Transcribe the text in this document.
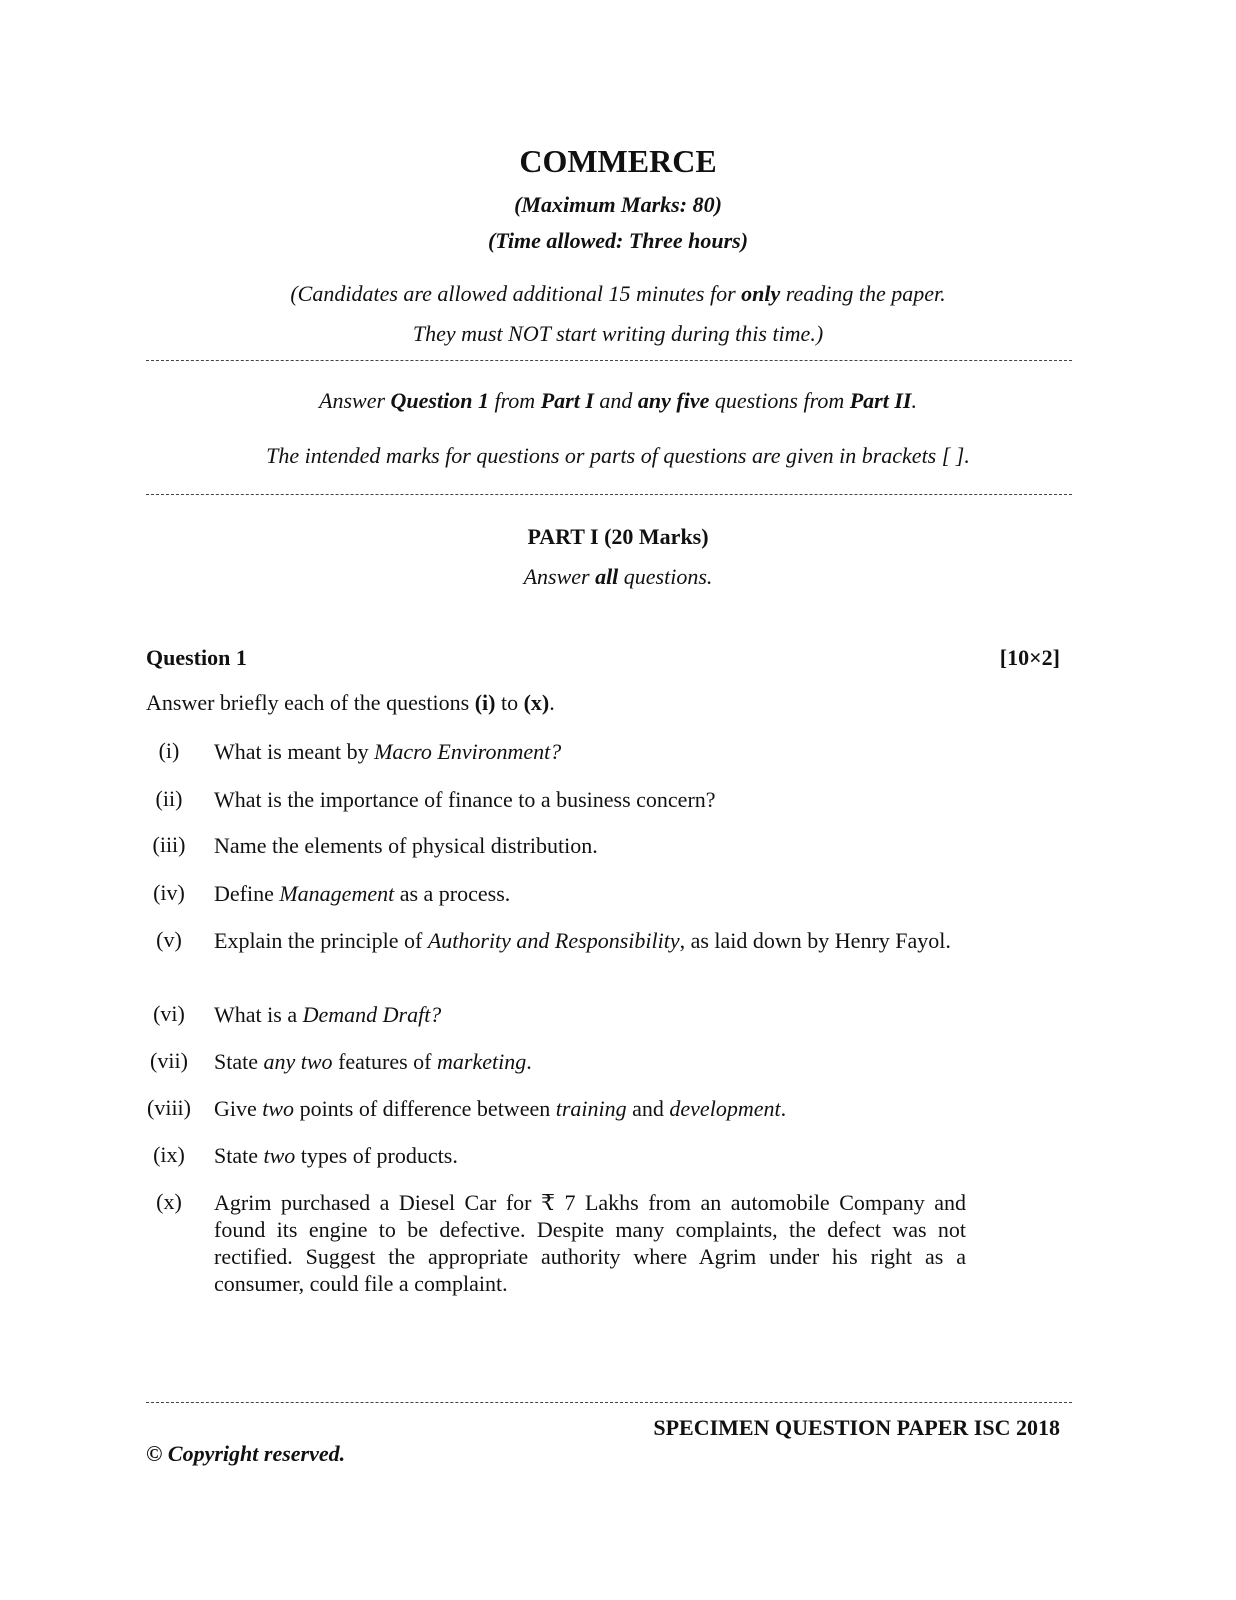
COMMERCE
(Maximum Marks: 80)
(Time allowed: Three hours)
(Candidates are allowed additional 15 minutes for only reading the paper.
They must NOT start writing during this time.)
Answer Question 1 from Part I and any five questions from Part II.
The intended marks for questions or parts of questions are given in brackets [ ].
PART I (20 Marks)
Answer all questions.
Question 1	[10×2]
Answer briefly each of the questions (i) to (x).
(i)	What is meant by Macro Environment?
(ii)	What is the importance of finance to a business concern?
(iii)	Name the elements of physical distribution.
(iv)	Define Management as a process.
(v)	Explain the principle of Authority and Responsibility, as laid down by Henry Fayol.
(vi)	What is a Demand Draft?
(vii)	State any two features of marketing.
(viii)	Give two points of difference between training and development.
(ix)	State two types of products.
(x)	Agrim purchased a Diesel Car for ₹ 7 Lakhs from an automobile Company and found its engine to be defective. Despite many complaints, the defect was not rectified. Suggest the appropriate authority where Agrim under his right as a consumer, could file a complaint.
SPECIMEN QUESTION PAPER ISC 2018
© Copyright reserved.
